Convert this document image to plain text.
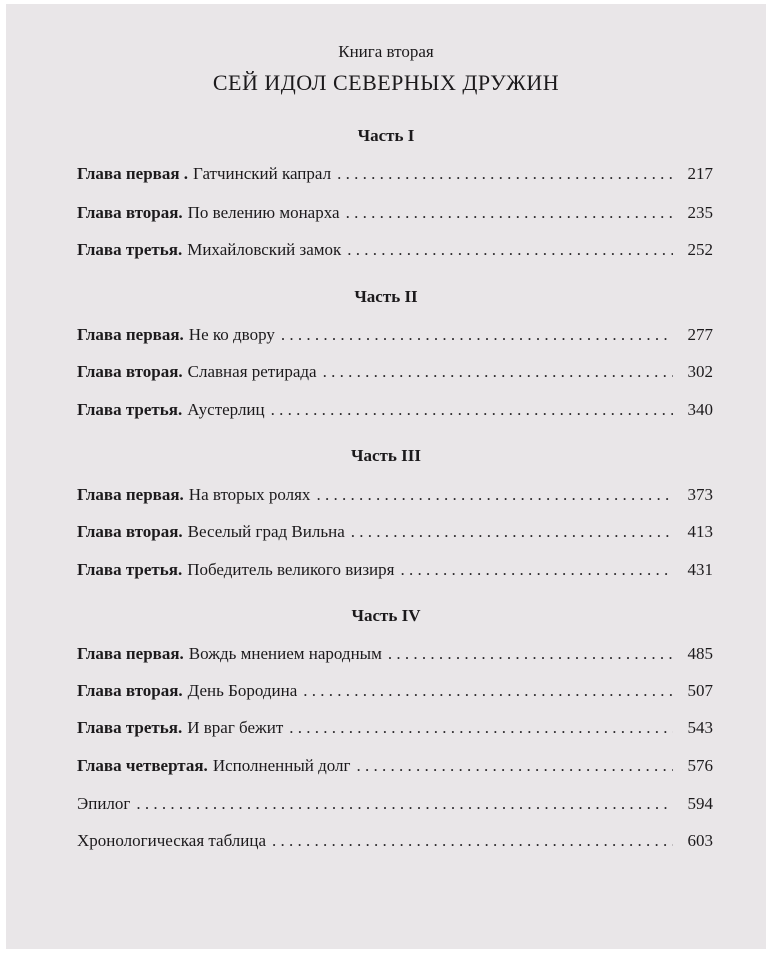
Книга вторая
СЕЙ ИДОЛ СЕВЕРНЫХ ДРУЖИН
Часть I
Глава первая . Гатчинский капрал . . .	217
Глава вторая. По велению монарха . . .	235
Глава третья. Михайловский замок . . .	252
Часть II
Глава первая. Не ко двору . . .	277
Глава вторая. Славная ретирада . . .	302
Глава третья. Аустерлиц . . .	340
Часть III
Глава первая. На вторых ролях . . .	373
Глава вторая. Веселый град Вильна . . .	413
Глава третья. Победитель великого визиря . . .	431
Часть IV
Глава первая. Вождь мнением народным . . .	485
Глава вторая. День Бородина . . .	507
Глава третья. И враг бежит . . .	543
Глава четвертая. Исполненный долг . . .	576
Эпилог . . .	594
Хронологическая таблица . . .	603
